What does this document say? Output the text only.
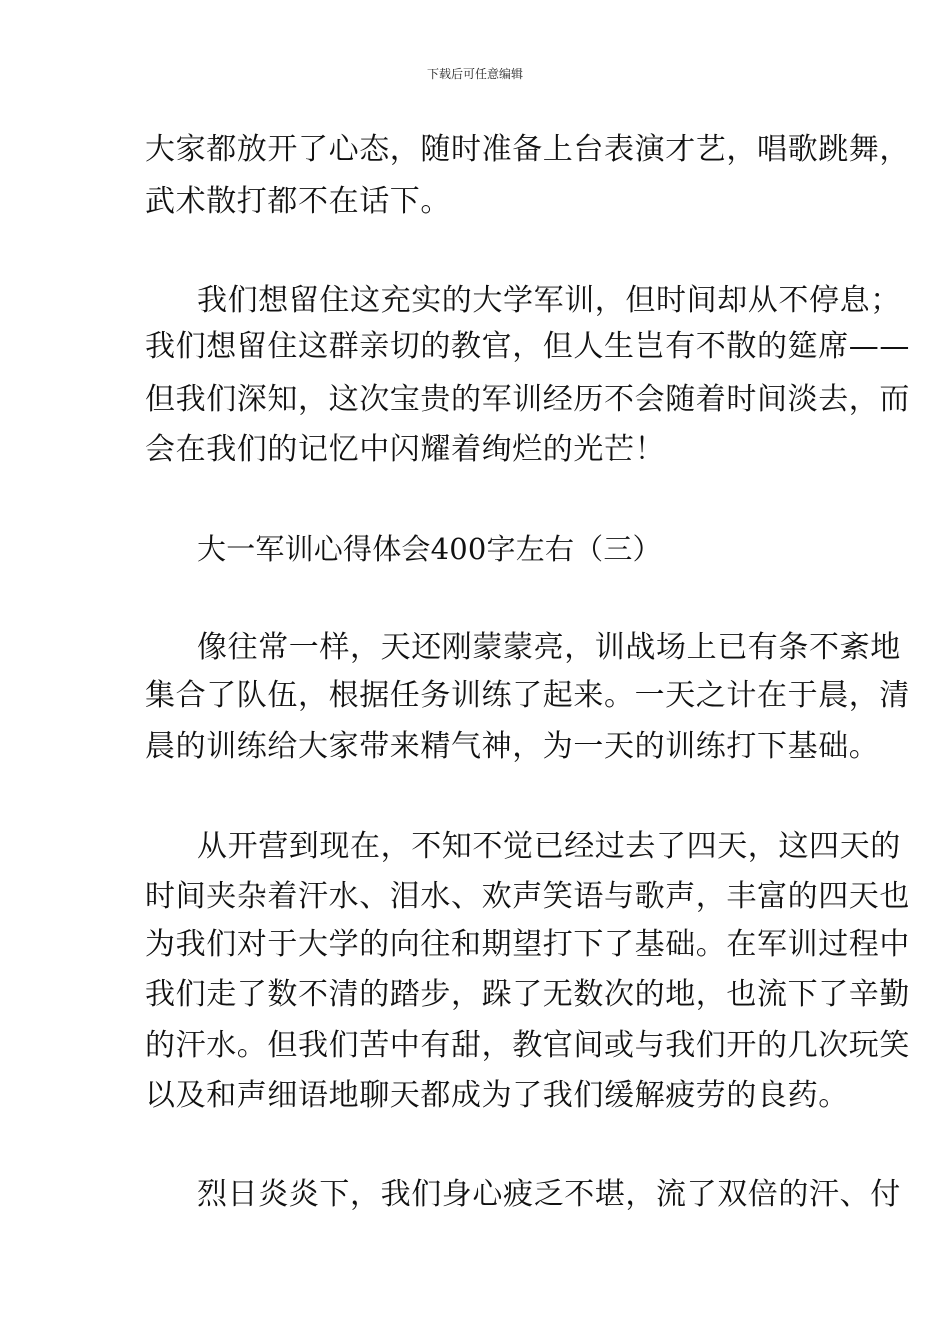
下载后可任意编辑
大家都放开了心态，随时准备上台表演才艺，唱歌跳舞，
武术散打都不在话下。
我们想留住这充实的大学军训，但时间却从不停息；
我们想留住这群亲切的教官，但人生岂有不散的筵席——
但我们深知，这次宝贵的军训经历不会随着时间淡去，而
会在我们的记忆中闪耀着绚烂的光芒！
大一军训心得体会400字左右（三）
像往常一样，天还刚蒙蒙亮，训战场上已有条不紊地
集合了队伍，根据任务训练了起来。一天之计在于晨，清
晨的训练给大家带来精气神，为一天的训练打下基础。
从开营到现在，不知不觉已经过去了四天，这四天的
时间夹杂着汗水、泪水、欢声笑语与歌声，丰富的四天也
为我们对于大学的向往和期望打下了基础。在军训过程中
我们走了数不清的踏步，跺了无数次的地，也流下了辛勤
的汗水。但我们苦中有甜，教官间或与我们开的几次玩笑
以及和声细语地聊天都成为了我们缓解疲劳的良药。
烈日炎炎下，我们身心疲乏不堪，流了双倍的汗、付
